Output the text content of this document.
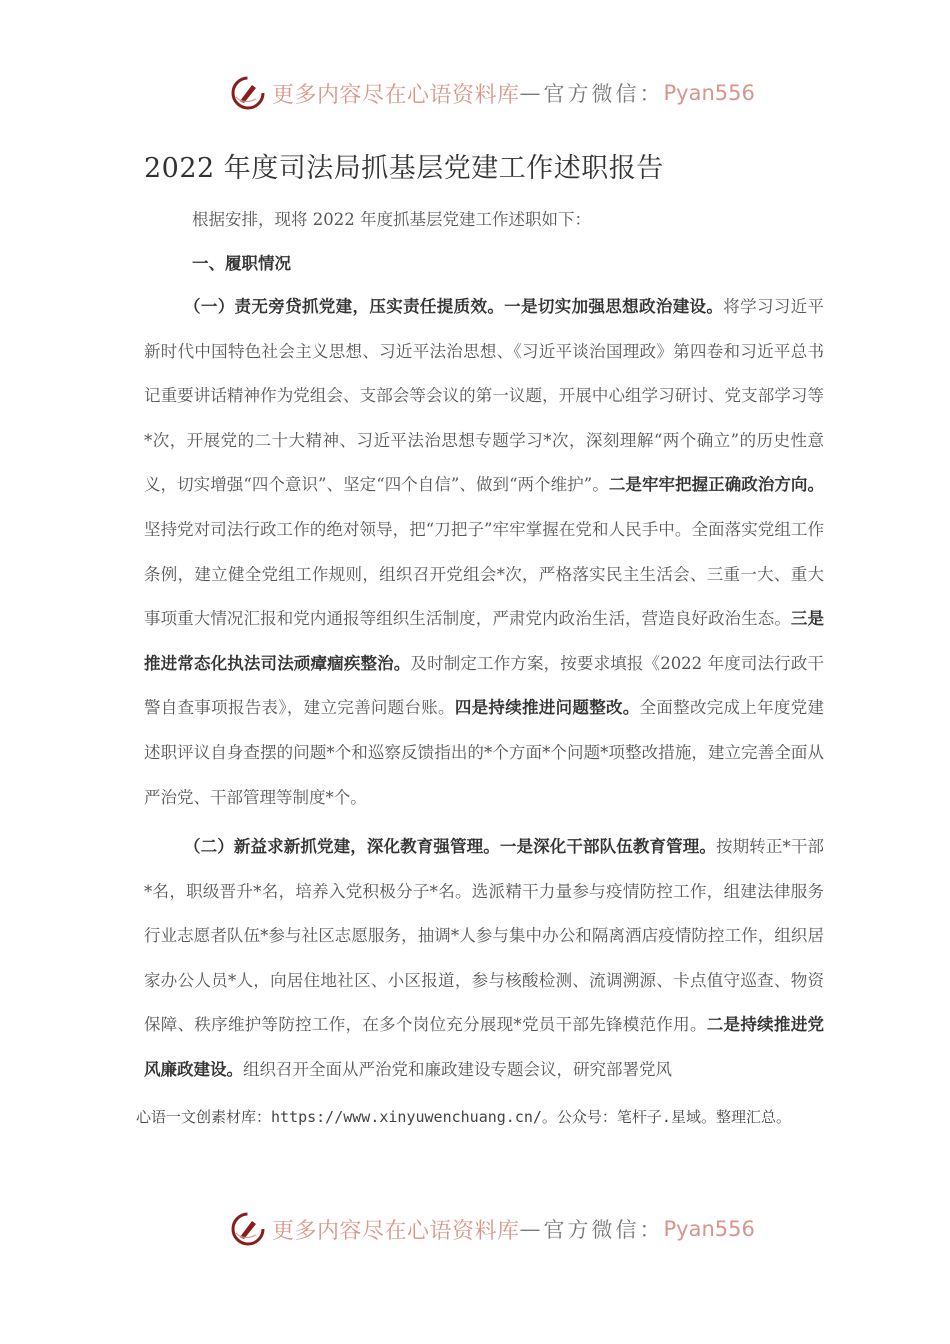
更多内容尽在心语资料库 — 官方微信： Pyan556
2022 年度司法局抓基层党建工作述职报告
根据安排，现将 2022 年度抓基层党建工作述职如下：
一、履职情况
（一）责无旁贷抓党建，压实责任提质效。一是切实加强思想政治建设。将学习习近平新时代中国特色社会主义思想、习近平法治思想、《习近平谈治国理政》第四卷和习近平总书记重要讲话精神作为党组会、支部会等会议的第一议题，开展中心组学习研讨、党支部学习等*次，开展党的二十大精神、习近平法治思想专题学习*次，深刻理解“两个确立”的历史性意义，切实增强“四个意识”、坚定“四个自信”、做到“两个维护”。二是牢牢把握正确政治方向。坚持党对司法行政工作的绝对领导，把“刀把子”牢牢掌握在党和人民手中。全面落实党组工作条例，建立健全党组工作规则，组织召开党组会*次，严格落实民主生活会、三重一大、重大事项重大情况汇报和党内通报等组织生活制度，严肃党内政治生活，营造良好政治生态。三是推进常态化执法司法顽瘴痼疾整治。及时制定工作方案，按要求填报《2022 年度司法行政干警自查事项报告表》，建立完善问题台账。四是持续推进问题整改。全面整改完成上年度党建述职评议自身查摆的问题*个和巡察反馈指出的*个方面*个问题*项整改措施，建立完善全面从严治党、干部管理等制度*个。
（二）新益求新抓党建，深化教育强管理。一是深化干部队伍教育管理。按期转正*干部*名，职级晋升*名，培养入党积极分子*名。选派精干力量参与疫情防控工作，组建法律服务行业志愿者队伍*参与社区志愿服务，抽调*人参与集中办公和隔离酒店疫情防控工作，组织居家办公人员*人，向居住地社区、小区报道，参与核酸检测、流调溯源、卡点值守巡查、物资保障、秩序维护等防控工作，在多个岗位充分展现*党员干部先锋模范作用。二是持续推进党风廉政建设。组织召开全面从严治党和廉政建设专题会议，研究部署党风
心语一文创素材库：https://www.xinyuwenchuang.cn/。公众号：笔杆子.星域。整理汇总。
更多内容尽在心语资料库 — 官方微信： Pyan556
